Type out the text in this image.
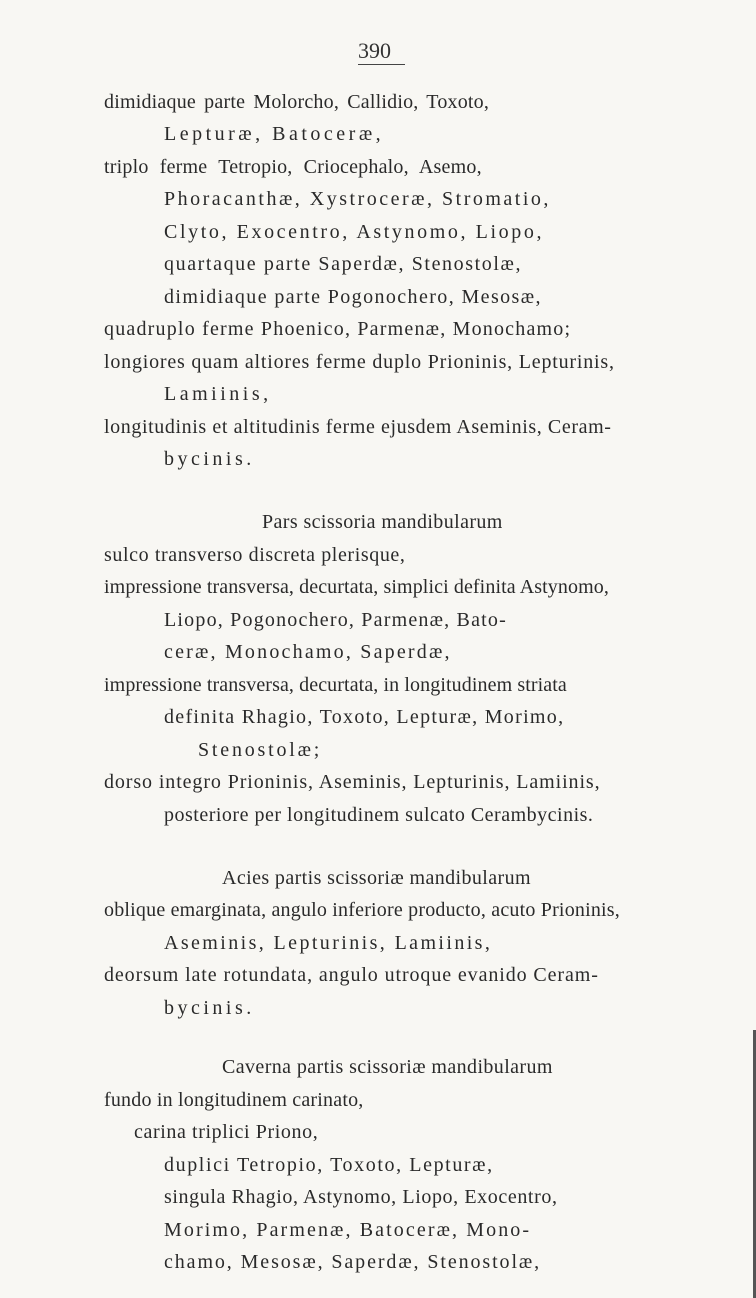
390
dimidiaque parte Molorcho, Callidio, Toxoto,
Lepturæ, Batoceræ,
triplo ferme Tetropio, Criocephalo, Asemo,
Phoracanthæ, Xystroceræ, Stromatio,
Clyto, Exocentro, Astynomo, Liopo,
quartaque parte Saperdæ, Stenostolæ,
dimidiaque parte Pogonochero, Mesosæ,
quadruplo ferme Phoenico, Parmenæ, Monochamo;
longiores quam altiores ferme duplo Prioninis, Lepturinis,
Lamiinis,
longitudinis et altitudinis ferme ejusdem Aseminis, Ceram-
bycinis.
Pars scissoria mandibularum
sulco transverso discreta plerisque,
impressione transversa, decurtata, simplici definita Astynomo,
Liopo, Pogonochero, Parmenæ, Bato-
ceræ, Monochamo, Saperdæ,
impressione transversa, decurtata, in longitudinem striata
definita Rhagio, Toxoto, Lepturæ, Morimo,
Stenostolæ;
dorso integro Prioninis, Aseminis, Lepturinis, Lamiinis,
posteriore per longitudinem sulcato Cerambycinis.
Acies partis scissoriæ mandibularum
oblique emarginata, angulo inferiore producto, acuto Prioninis,
Aseminis, Lepturinis, Lamiinis,
deorsum late rotundata, angulo utroque evanido Ceram-
bycinis.
Caverna partis scissoriæ mandibularum
fundo in longitudinem carinato,
carina triplici Priono,
duplici Tetropio, Toxoto, Lepturæ,
singula Rhagio, Astynomo, Liopo, Exocentro,
Morimo, Parmenæ, Batoceræ, Mono-
chamo, Mesosæ, Saperdæ, Stenostolæ,
